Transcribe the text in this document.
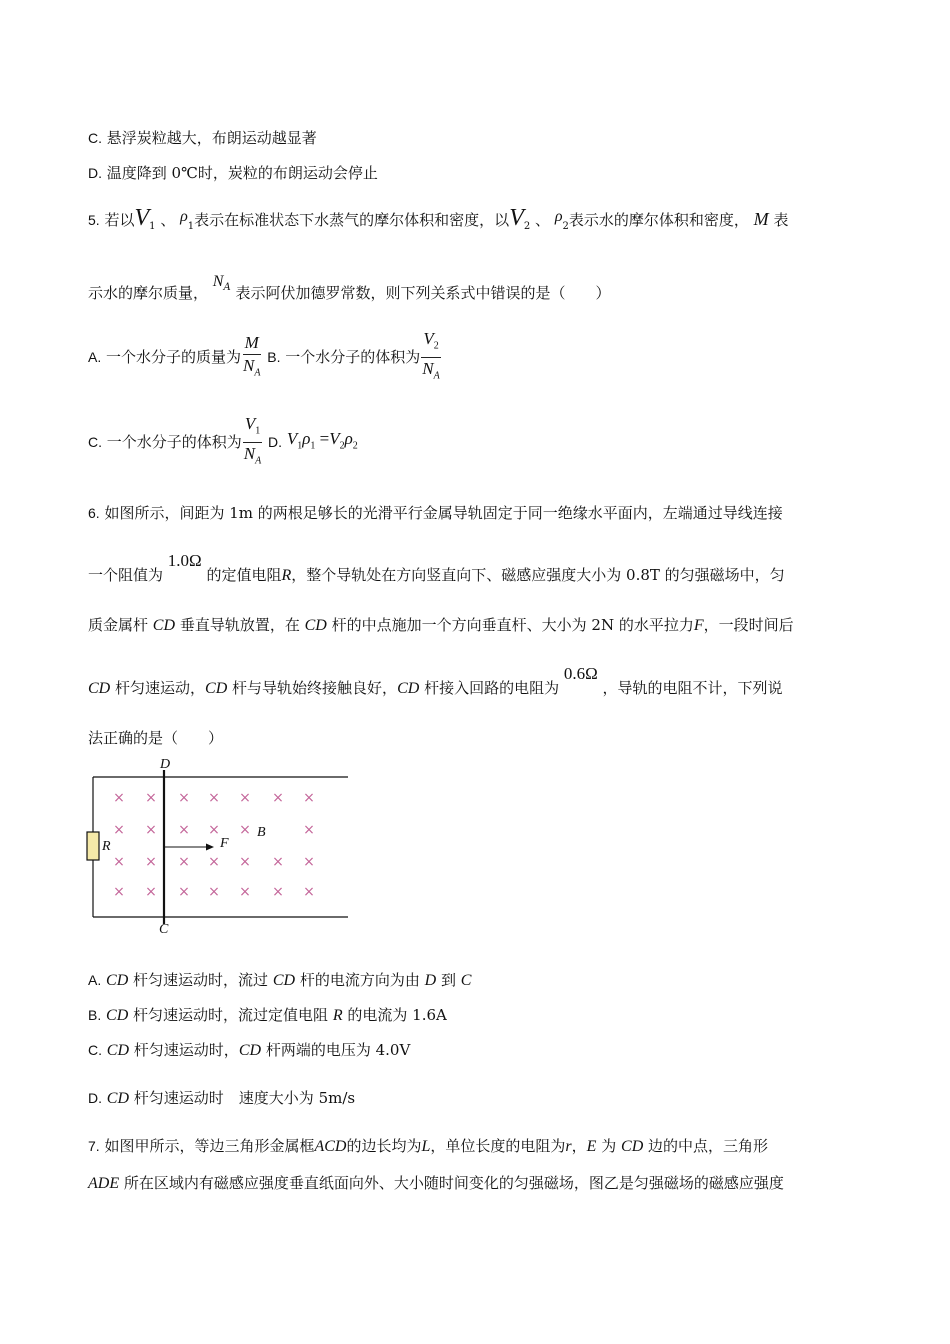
C. 悬浮炭粒越大，布朗运动越显著
D. 温度降到 0℃时，炭粒的布朗运动会停止
5. 若以$V_1$ 、 $\rho_1$表示在标准状态下水蒸气的摩尔体积和密度，以$V_2$ 、 $\rho_2$表示水的摩尔体积和密度， M 表
示水的摩尔质量， $N_A$ 表示阿伏加德罗常数，则下列关系式中错误的是（　　）
A. 一个水分子的质量为 $\frac{M}{N_A} B$. 一个水分子的体积为 $\frac{V_2}{N_A}$
C. 一个水分子的体积为 $\frac{V_1}{N_A} D$. $V_1\rho_1 =V_2\rho_2$
6. 如图所示，间距为 1m 的两根足够长的光滑平行金属导轨固定于同一绝缘水平面内，左端通过导线连接
一个阻值为 1.0Ω 的定值电阻R，整个导轨处在方向竖直向下、磁感应强度大小为 0.8T 的匀强磁场中，匀
质金属杆 CD 垂直导轨放置，在 CD 杆的中点施加一个方向垂直杆、大小为 2N 的水平拉力F，一段时间后
CD 杆匀速运动，CD 杆与导轨始终接触良好，CD 杆接入回路的电阻为 0.6Ω ，导轨的电阻不计，下列说
法正确的是（　　）
× × × × × × ×
× × × × ×	×
× × × × × × ×
× × × × × × ×
D
C
R	F
B
A. CD 杆匀速运动时，流过 CD 杆的电流方向为由 D 到 C
B. CD 杆匀速运动时，流过定值电阻 R 的电流为 1.6A
C. CD 杆匀速运动时，CD 杆两端的电压为 4.0V
D. CD 杆匀速运动时　速度大小为 5m/s
7. 如图甲所示，等边三角形金属框ACD的边长均为L，单位长度的电阻为r，E 为 CD 边的中点，三角形
ADE 所在区域内有磁感应强度垂直纸面向外、大小随时间变化的匀强磁场，图乙是匀强磁场的磁感应强度
